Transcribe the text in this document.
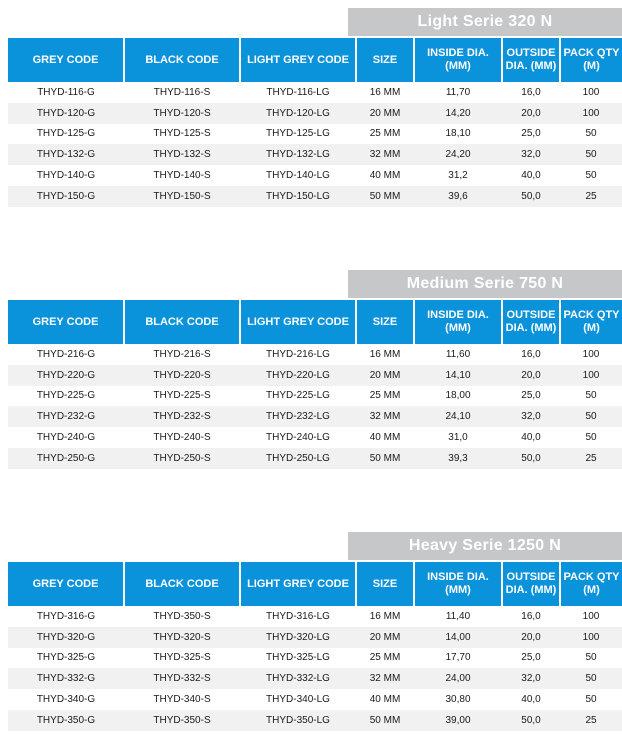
Light Serie 320 N
GREY CODE	BLACK CODE	LIGHT GREY CODE	SIZE	INSIDE DIA. (MM)	OUTSIDE DIA. (MM)	PACK QTY (M)
THYD-116-G	THYD-116-S	THYD-116-LG	16 MM	11,70	16,0	100
THYD-120-G	THYD-120-S	THYD-120-LG	20 MM	14,20	20,0	100
THYD-125-G	THYD-125-S	THYD-125-LG	25 MM	18,10	25,0	50
THYD-132-G	THYD-132-S	THYD-132-LG	32 MM	24,20	32,0	50
THYD-140-G	THYD-140-S	THYD-140-LG	40 MM	31,2	40,0	50
THYD-150-G	THYD-150-S	THYD-150-LG	50 MM	39,6	50,0	25
Medium Serie 750 N
GREY CODE	BLACK CODE	LIGHT GREY CODE	SIZE	INSIDE DIA. (MM)	OUTSIDE DIA. (MM)	PACK QTY (M)
THYD-216-G	THYD-216-S	THYD-216-LG	16 MM	11,60	16,0	100
THYD-220-G	THYD-220-S	THYD-220-LG	20 MM	14,10	20,0	100
THYD-225-G	THYD-225-S	THYD-225-LG	25 MM	18,00	25,0	50
THYD-232-G	THYD-232-S	THYD-232-LG	32 MM	24,10	32,0	50
THYD-240-G	THYD-240-S	THYD-240-LG	40 MM	31,0	40,0	50
THYD-250-G	THYD-250-S	THYD-250-LG	50 MM	39,3	50,0	25
Heavy Serie 1250 N
GREY CODE	BLACK CODE	LIGHT GREY CODE	SIZE	INSIDE DIA. (MM)	OUTSIDE DIA. (MM)	PACK QTY (M)
THYD-316-G	THYD-350-S	THYD-316-LG	16 MM	11,40	16,0	100
THYD-320-G	THYD-320-S	THYD-320-LG	20 MM	14,00	20,0	100
THYD-325-G	THYD-325-S	THYD-325-LG	25 MM	17,70	25,0	50
THYD-332-G	THYD-332-S	THYD-332-LG	32 MM	24,00	32,0	50
THYD-340-G	THYD-340-S	THYD-340-LG	40 MM	30,80	40,0	50
THYD-350-G	THYD-350-S	THYD-350-LG	50 MM	39,00	50,0	25
